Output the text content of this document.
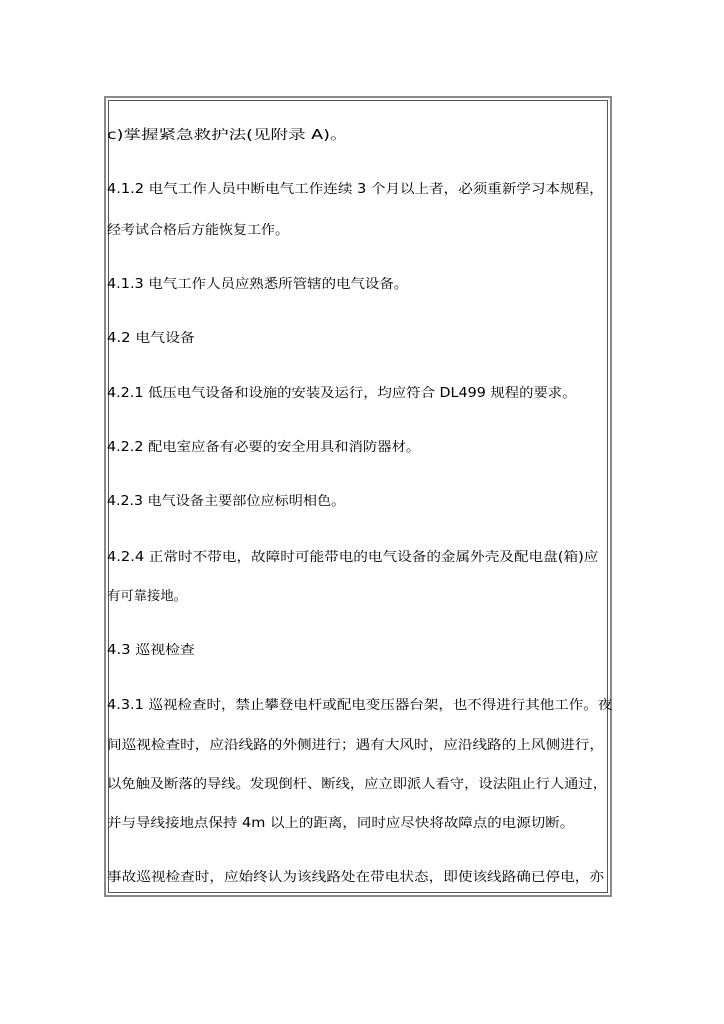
c)掌握紧急救护法(见附录 A)。

4.1.2 电气工作人员中断电气工作连续 3 个月以上者，必须重新学习本规程，

经考试合格后方能恢复工作。

4.1.3 电气工作人员应熟悉所管辖的电气设备。

4.2 电气设备

4.2.1 低压电气设备和设施的安装及运行，均应符合 DL499 规程的要求。

4.2.2 配电室应备有必要的安全用具和消防器材。

4.2.3 电气设备主要部位应标明相色。

4.2.4 正常时不带电，故障时可能带电的电气设备的金属外壳及配电盘(箱)应

有可靠接地。

4.3 巡视检查

4.3.1 巡视检查时，禁止攀登电杆或配电变压器台架，也不得进行其他工作。夜

间巡视检查时，应沿线路的外侧进行；遇有大风时，应沿线路的上风侧进行，

以免触及断落的导线。发现倒杆、断线，应立即派人看守，设法阻止行人通过，

并与导线接地点保持 4m 以上的距离，同时应尽快将故障点的电源切断。

事故巡视检查时，应始终认为该线路处在带电状态，即使该线路确已停电，亦
